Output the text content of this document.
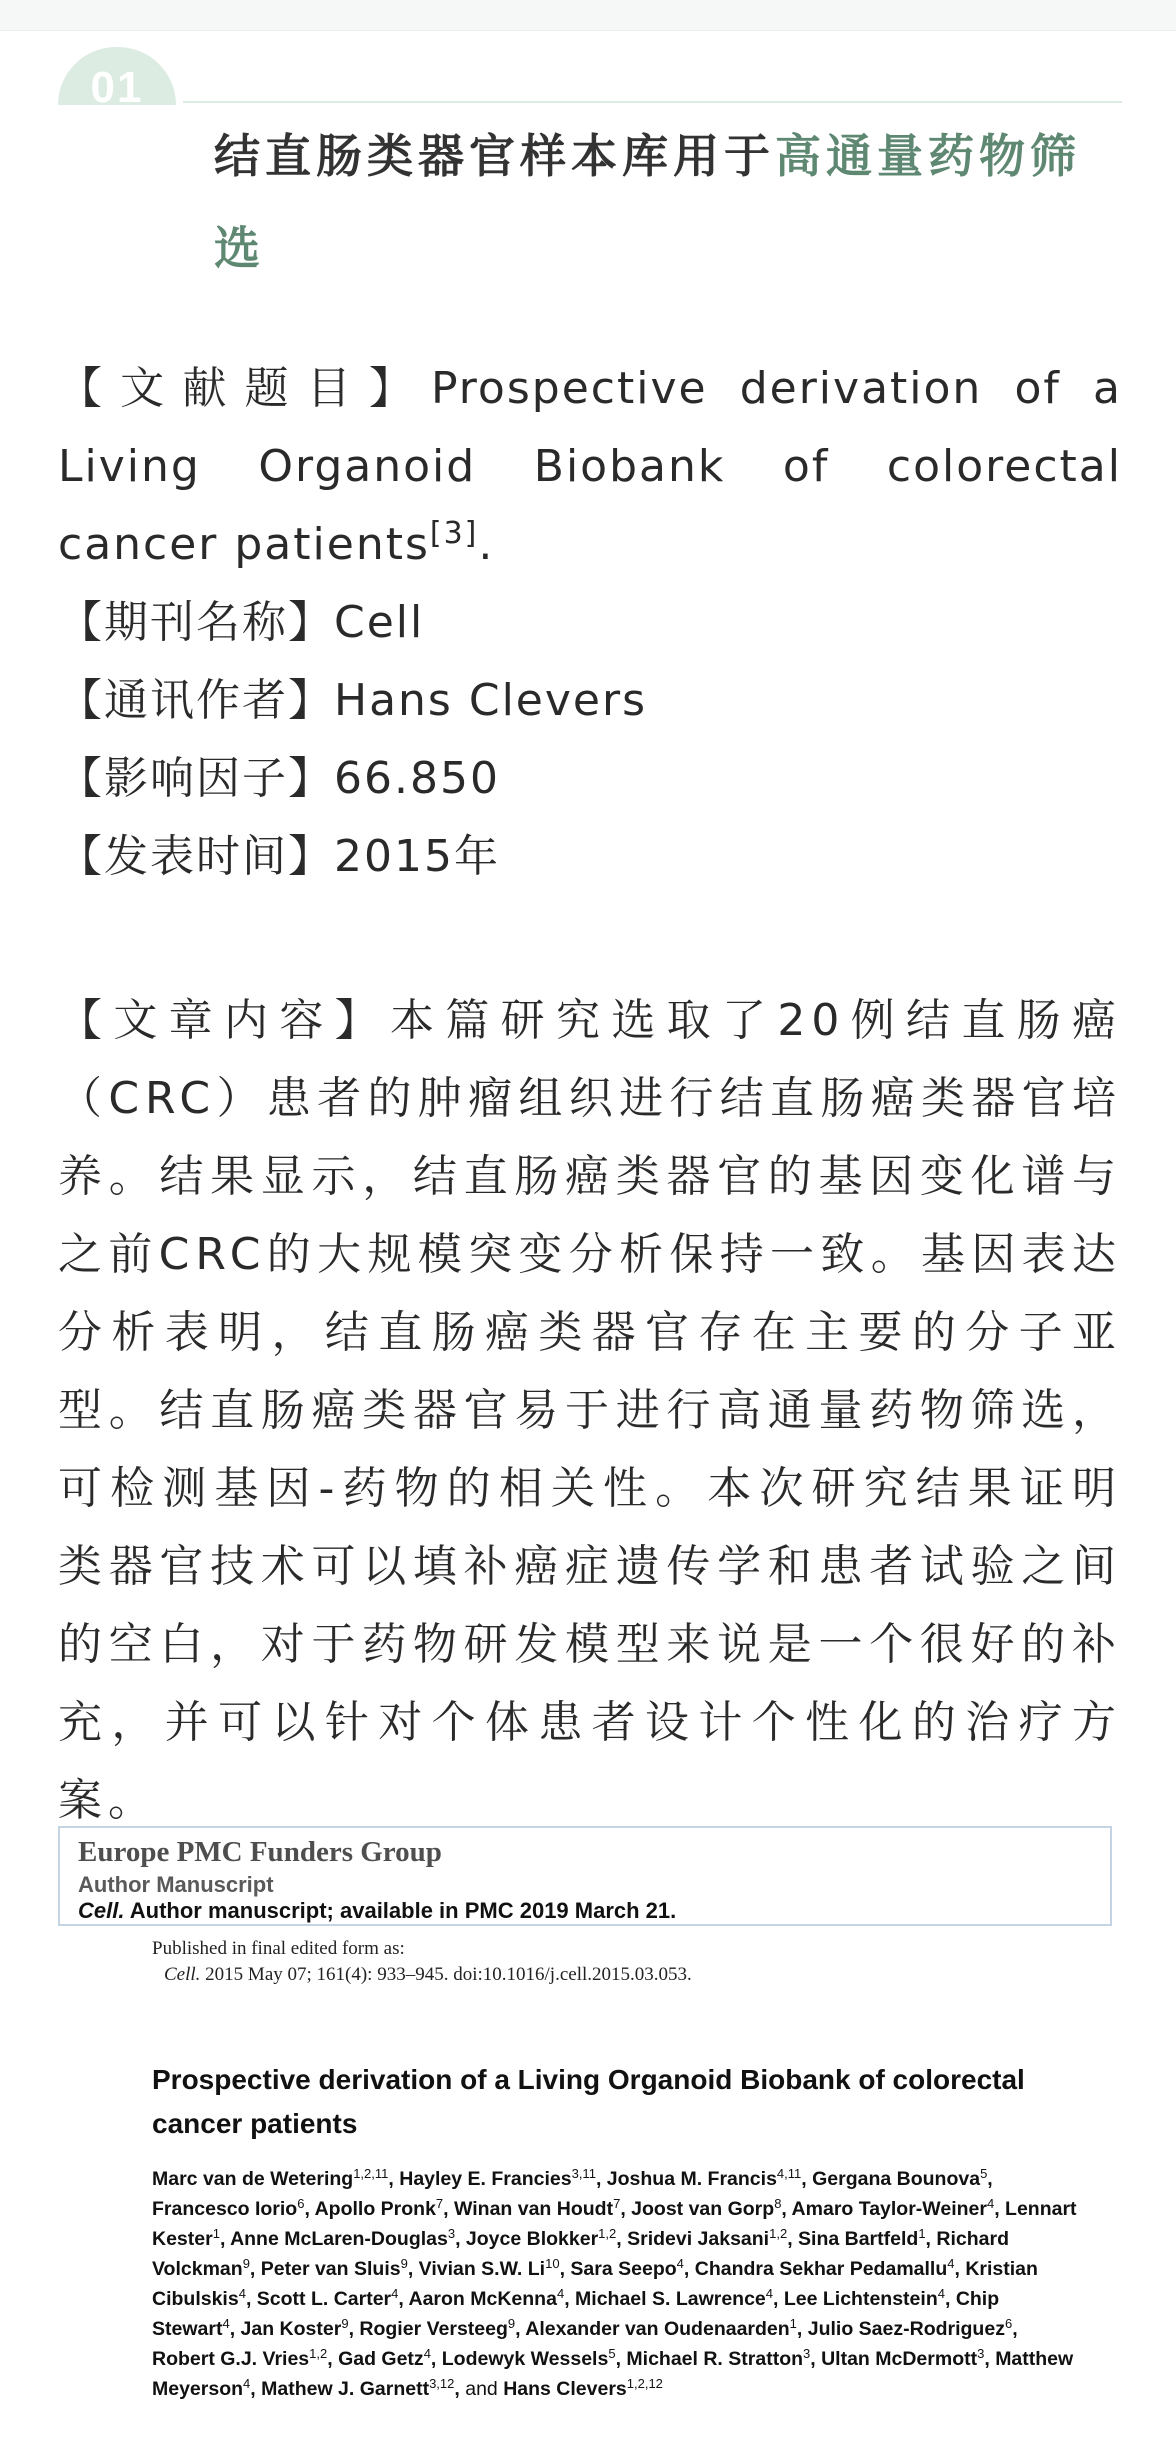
01
结直肠类器官样本库用于高通量药物筛选
【文献题目】Prospective derivation of a Living Organoid Biobank of colorectal cancer patients[3].
【期刊名称】Cell
【通讯作者】Hans Clevers
【影响因子】66.850
【发表时间】2015年
【文章内容】本篇研究选取了20例结直肠癌（CRC）患者的肿瘤组织进行结直肠癌类器官培养。结果显示，结直肠癌类器官的基因变化谱与之前CRC的大规模突变分析保持一致。基因表达分析表明，结直肠癌类器官存在主要的分子亚型。结直肠癌类器官易于进行高通量药物筛选，可检测基因-药物的相关性。本次研究结果证明类器官技术可以填补癌症遗传学和患者试验之间的空白，对于药物研发模型来说是一个很好的补充，并可以针对个体患者设计个性化的治疗方案。
Europe PMC Funders Group
Author Manuscript
Cell. Author manuscript; available in PMC 2019 March 21.
Published in final edited form as:
Cell. 2015 May 07; 161(4): 933–945. doi:10.1016/j.cell.2015.03.053.
Prospective derivation of a Living Organoid Biobank of colorectal cancer patients
Marc van de Wetering$^{1,2,11}$, Hayley E. Francies$^{3,11}$, Joshua M. Francis$^{4,11}$, Gergana Bounova$^5$, Francesco Iorio$^6$, Apollo Pronk$^7$, Winan van Houdt$^7$, Joost van Gorp$^8$, Amaro Taylor-Weiner$^4$, Lennart Kester$^1$, Anne McLaren-Douglas$^3$, Joyce Blokker$^{1,2}$, Sridevi Jaksani$^{1,2}$, Sina Bartfeld$^1$, Richard Volckman$^9$, Peter van Sluis$^9$, Vivian S.W. Li$^{10}$, Sara Seepo$^4$, Chandra Sekhar Pedamallu$^4$, Kristian Cibulskis$^4$, Scott L. Carter$^4$, Aaron McKenna$^4$, Michael S. Lawrence$^4$, Lee Lichtenstein$^4$, Chip Stewart$^4$, Jan Koster$^9$, Rogier Versteeg$^9$, Alexander van Oudenaarden$^1$, Julio Saez-Rodriguez$^6$, Robert G.J. Vries$^{1,2}$, Gad Getz$^4$, Lodewyk Wessels$^5$, Michael R. Stratton$^3$, Ultan McDermott$^3$, Matthew Meyerson$^4$, Mathew J. Garnett$^{3,12}$, and Hans Clevers$^{1,2,12}$
